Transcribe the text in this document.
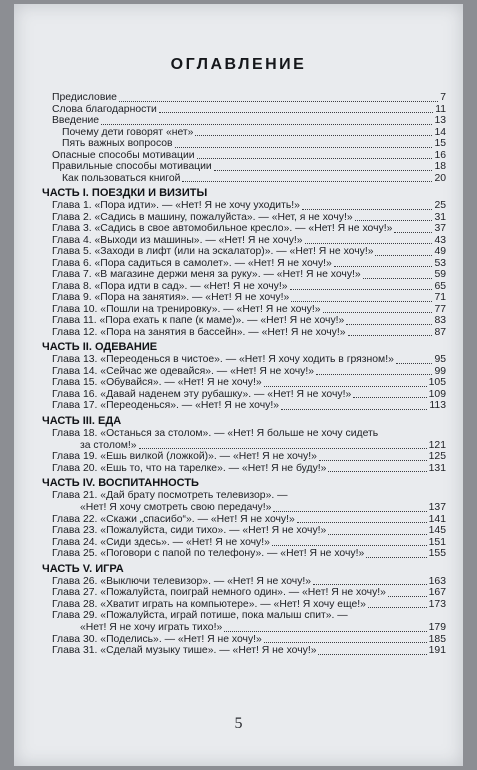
ОГЛАВЛЕНИЕ
Предисловие	7
Слова благодарности	11
Введение	13
Почему дети говорят «нет»	14
Пять важных вопросов	15
Опасные способы мотивации	16
Правильные способы мотивации	18
Как пользоваться книгой	20
ЧАСТЬ I. ПОЕЗДКИ И ВИЗИТЫ
Глава 1. «Пора идти». — «Нет! Я не хочу уходить!»	25
Глава 2. «Садись в машину, пожалуйста». — «Нет, я не хочу!»	31
Глава 3. «Садись в свое автомобильное кресло». — «Нет! Я не хочу!»	37
Глава 4. «Выходи из машины». — «Нет! Я не хочу!»	43
Глава 5. «Заходи в лифт (или на эскалатор)». — «Нет! Я не хочу!»	49
Глава 6. «Пора садиться в самолет». — «Нет! Я не хочу!»	53
Глава 7. «В магазине держи меня за руку». — «Нет! Я не хочу!»	59
Глава 8. «Пора идти в сад». — «Нет! Я не хочу!»	65
Глава 9. «Пора на занятия». — «Нет! Я не хочу!»	71
Глава 10. «Пошли на тренировку». — «Нет! Я не хочу!»	77
Глава 11. «Пора ехать к папе (к маме)». — «Нет! Я не хочу!»	83
Глава 12. «Пора на занятия в бассейн». — «Нет! Я не хочу!»	87
ЧАСТЬ II. ОДЕВАНИЕ
Глава 13. «Переоденься в чистое». — «Нет! Я хочу ходить в грязном!»	95
Глава 14. «Сейчас же одевайся». — «Нет! Я не хочу!»	99
Глава 15. «Обувайся». — «Нет! Я не хочу!»	105
Глава 16. «Давай наденем эту рубашку». — «Нет! Я не хочу!»	109
Глава 17. «Переоденься». — «Нет! Я не хочу!»	113
ЧАСТЬ III. ЕДА
Глава 18. «Останься за столом». — «Нет! Я больше не хочу сидеть
за столом!»	121
Глава 19. «Ешь вилкой (ложкой)». — «Нет! Я не хочу!»	125
Глава 20. «Ешь то, что на тарелке». — «Нет! Я не буду!»	131
ЧАСТЬ IV. ВОСПИТАННОСТЬ
Глава 21. «Дай брату посмотреть телевизор». —
«Нет! Я хочу смотреть свою передачу!»	137
Глава 22. «Скажи „спасибо“». — «Нет! Я не хочу!»	141
Глава 23. «Пожалуйста, сиди тихо». — «Нет! Я не хочу!»	145
Глава 24. «Сиди здесь». — «Нет! Я не хочу!»	151
Глава 25. «Поговори с папой по телефону». — «Нет! Я не хочу!»	155
ЧАСТЬ V. ИГРА
Глава 26. «Выключи телевизор». — «Нет! Я не хочу!»	163
Глава 27. «Пожалуйста, поиграй немного один». — «Нет! Я не хочу!»	167
Глава 28. «Хватит играть на компьютере». — «Нет! Я хочу еще!»	173
Глава 29. «Пожалуйста, играй потише, пока малыш спит». —
«Нет! Я не хочу играть тихо!»	179
Глава 30. «Поделись». — «Нет! Я не хочу!»	185
Глава 31. «Сделай музыку тише». — «Нет! Я не хочу!»	191
5
